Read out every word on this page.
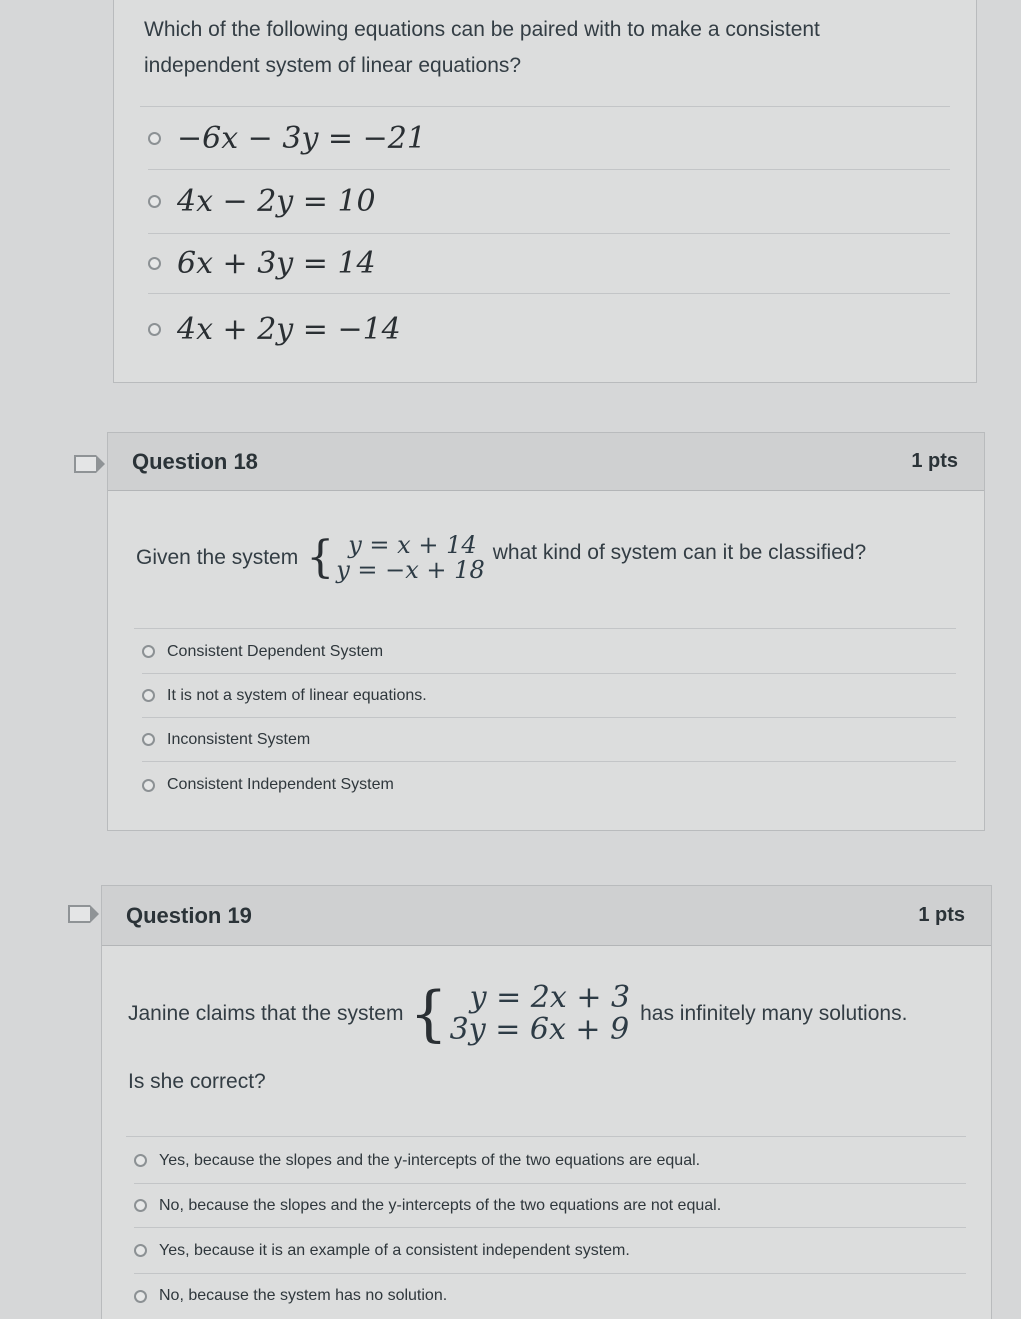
Which of the following equations can be paired with to make a consistent independent system of linear equations?
−6x − 3y = −21
4x − 2y = 10
6x + 3y = 14
4x + 2y = −14
Question 18	1 pts
Given the system { y = x + 14
y = −x + 18
what kind of system can it be classified?
Consistent Dependent System
It is not a system of linear equations.
Inconsistent System
Consistent Independent System
Question 19	1 pts
Janine claims that the system { y = 2x + 3
3y = 6x + 9 has infinitely many solutions.
Is she correct?
Yes, because the slopes and the y-intercepts of the two equations are equal.
No, because the slopes and the y-intercepts of the two equations are not equal.
Yes, because it is an example of a consistent independent system.
No, because the system has no solution.
